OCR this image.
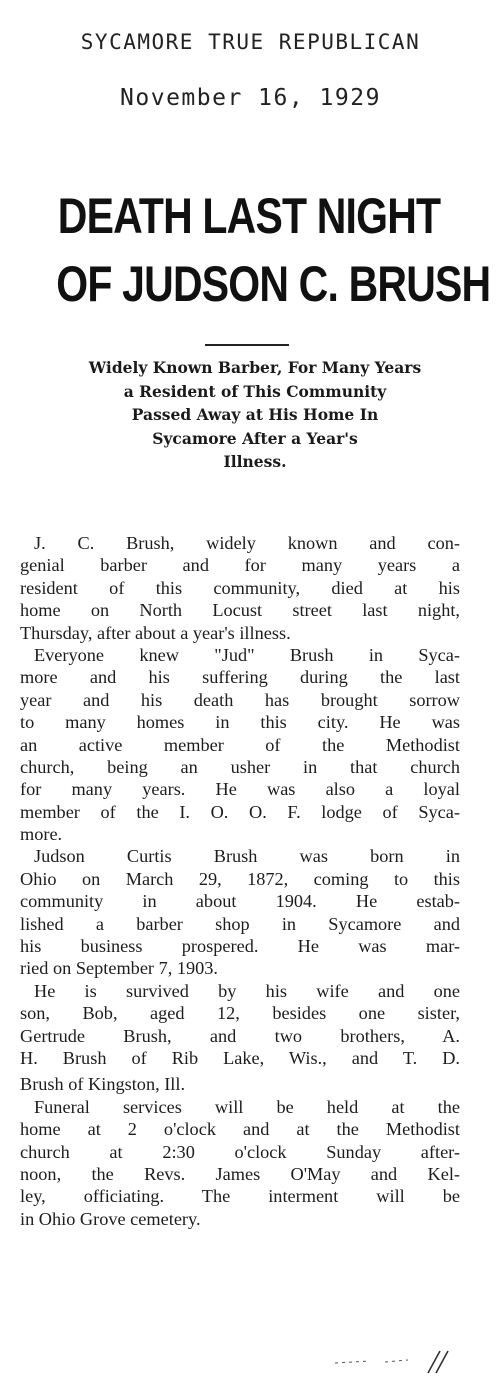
SYCAMORE TRUE REPUBLICAN
November 16, 1929
DEATH LAST NIGHT
OF JUDSON C. BRUSH
Widely Known Barber, For Many Years
a Resident of This Community
Passed Away at His Home In
Sycamore After a Year's
Illness.
J. C. Brush, widely known and con-
genial barber and for many years a
resident of this community, died at his
home on North Locust street last night,
Thursday, after about a year's illness.
Everyone knew "Jud" Brush in Syca-
more and his suffering during the last
year and his death has brought sorrow
to many homes in this city. He was
an active member of the Methodist
church, being an usher in that church
for many years. He was also a loyal
member of the I. O. O. F. lodge of Syca-
more.
Judson Curtis Brush was born in
Ohio on March 29, 1872, coming to this
community in about 1904. He estab-
lished a barber shop in Sycamore and
his business prospered. He was mar-
ried on September 7, 1903.
He is survived by his wife and one
son, Bob, aged 12, besides one sister,
Gertrude Brush, and two brothers, A.
H. Brush of Rib Lake, Wis., and T. D.
Brush of Kingston, Ill.
Funeral services will be held at the
home at 2 o'clock and at the Methodist
church at 2:30 o'clock Sunday after-
noon, the Revs. James O'May and Kel-
ley, officiating. The interment will be
in Ohio Grove cemetery.
